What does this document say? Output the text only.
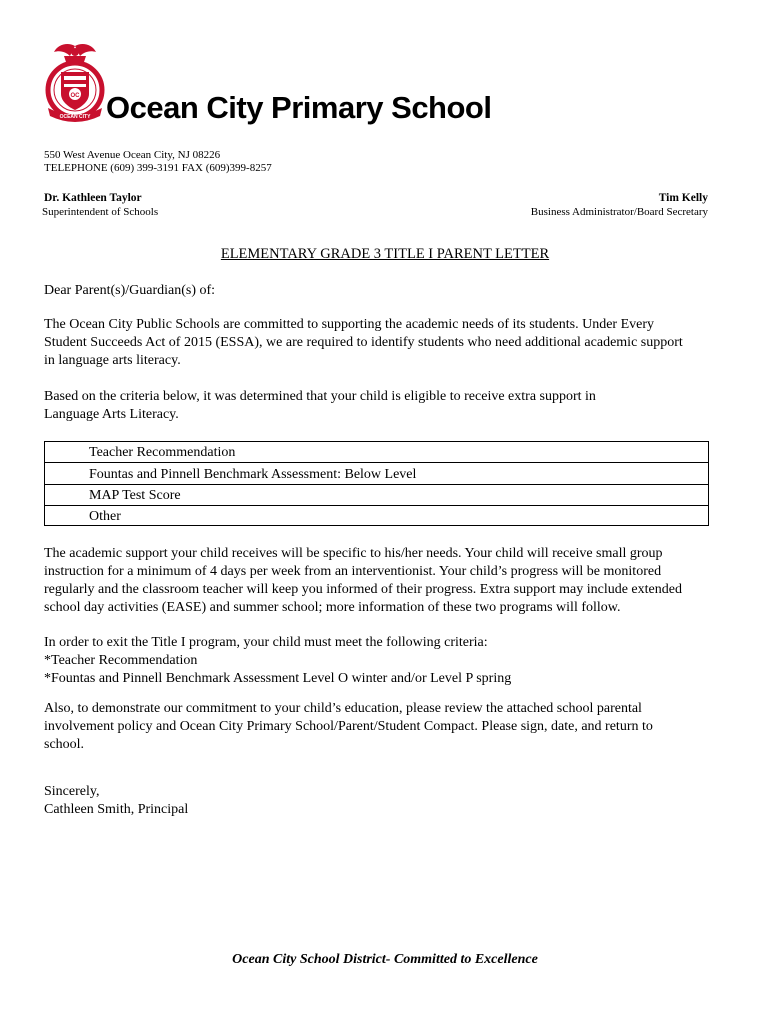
OC
OCEAN CITY Ocean City Primary School
550 West Avenue Ocean City, NJ 08226
TELEPHONE (609) 399-3191 FAX (609)399-8257
Dr. Kathleen Taylor
Superintendent of Schools
Tim Kelly
Business Administrator/Board Secretary
ELEMENTARY GRADE 3 TITLE I PARENT LETTER
Dear Parent(s)/Guardian(s) of:
The Ocean City Public Schools are committed to supporting the academic needs of its students. Under Every
Student Succeeds Act of 2015 (ESSA), we are required to identify students who need additional academic support
in language arts literacy.
Based on the criteria below, it was determined that your child is eligible to receive extra support in
Language Arts Literacy.
Teacher Recommendation
Fountas and Pinnell Benchmark Assessment: Below Level
MAP Test Score
Other
The academic support your child receives will be specific to his/her needs. Your child will receive small group
instruction for a minimum of 4 days per week from an interventionist. Your child’s progress will be monitored
regularly and the classroom teacher will keep you informed of their progress. Extra support may include extended
school day activities (EASE) and summer school; more information of these two programs will follow.
In order to exit the Title I program, your child must meet the following criteria:
*Teacher Recommendation
*Fountas and Pinnell Benchmark Assessment Level O winter and/or Level P spring
Also, to demonstrate our commitment to your child’s education, please review the attached school parental
involvement policy and Ocean City Primary School/Parent/Student Compact. Please sign, date, and return to
school.
Sincerely,
Cathleen Smith, Principal
Ocean City School District- Committed to Excellence
